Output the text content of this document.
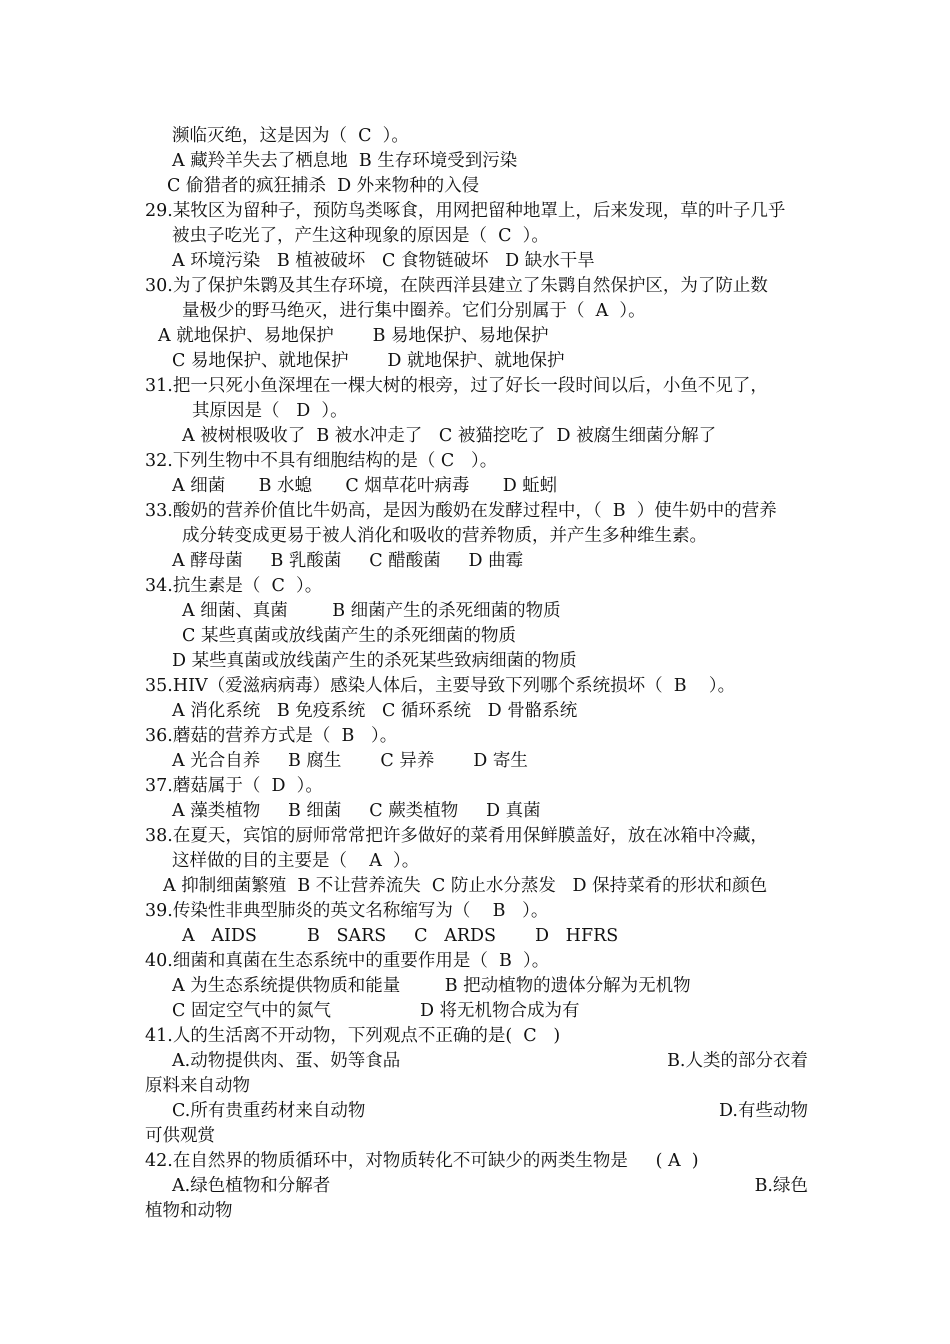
濒临灭绝，这是因为（  C  ）。
A 藏羚羊失去了栖息地  B 生存环境受到污染
C 偷猎者的疯狂捕杀  D 外来物种的入侵
29.某牧区为留种子，预防鸟类啄食，用网把留种地罩上，后来发现，草的叶子几乎
被虫子吃光了，产生这种现象的原因是（  C  ）。
A 环境污染   B 植被破坏   C 食物链破坏   D 缺水干旱
30.为了保护朱鹮及其生存环境，在陕西洋县建立了朱鹮自然保护区，为了防止数
量极少的野马绝灭，进行集中圈养。它们分别属于（  A  ）。
A 就地保护、易地保护       B 易地保护、易地保护
C 易地保护、就地保护       D 就地保护、就地保护
31.把一只死小鱼深埋在一棵大树的根旁，过了好长一段时间以后，小鱼不见了，
其原因是（   D  ）。
A 被树根吸收了  B 被水冲走了   C 被猫挖吃了  D 被腐生细菌分解了
32.下列生物中不具有细胞结构的是（ C   ）。
A 细菌      B 水螅      C 烟草花叶病毒      D 蚯蚓
33.酸奶的营养价值比牛奶高，是因为酸奶在发酵过程中，（  B  ）使牛奶中的营养
成分转变成更易于被人消化和吸收的营养物质，并产生多种维生素。
A 酵母菌     B 乳酸菌     C 醋酸菌     D 曲霉
34.抗生素是（  C  ）。
A 细菌、真菌        B 细菌产生的杀死细菌的物质
C 某些真菌或放线菌产生的杀死细菌的物质
D 某些真菌或放线菌产生的杀死某些致病细菌的物质
35.HIV（爱滋病病毒）感染人体后，主要导致下列哪个系统损坏（  B    ）。
A 消化系统   B 免疫系统   C 循环系统   D 骨骼系统
36.蘑菇的营养方式是（  B   ）。
A 光合自养     B 腐生       C 异养       D 寄生
37.蘑菇属于（  D  ）。
A 藻类植物     B 细菌     C 蕨类植物     D 真菌
38.在夏天，宾馆的厨师常常把许多做好的菜肴用保鲜膜盖好，放在冰箱中冷藏，
这样做的目的主要是（    A  ）。
A 抑制细菌繁殖  B 不让营养流失  C 防止水分蒸发   D 保持菜肴的形状和颜色
39.传染性非典型肺炎的英文名称缩写为（    B   ）。
A   AIDS         B   SARS     C   ARDS       D   HFRS
40.细菌和真菌在生态系统中的重要作用是（  B  ）。
A 为生态系统提供物质和能量        B 把动植物的遗体分解为无机物
C 固定空气中的氮气                D 将无机物合成为有
41.人的生活离不开动物，下列观点不正确的是(  C   )
A.动物提供肉、蛋、奶等食品	B.人类的部分衣着
原料来自动物
C.所有贵重药材来自动物	D.有些动物
可供观赏
42.在自然界的物质循环中，对物质转化不可缺少的两类生物是     ( A  )
A.绿色植物和分解者	B.绿色
植物和动物
